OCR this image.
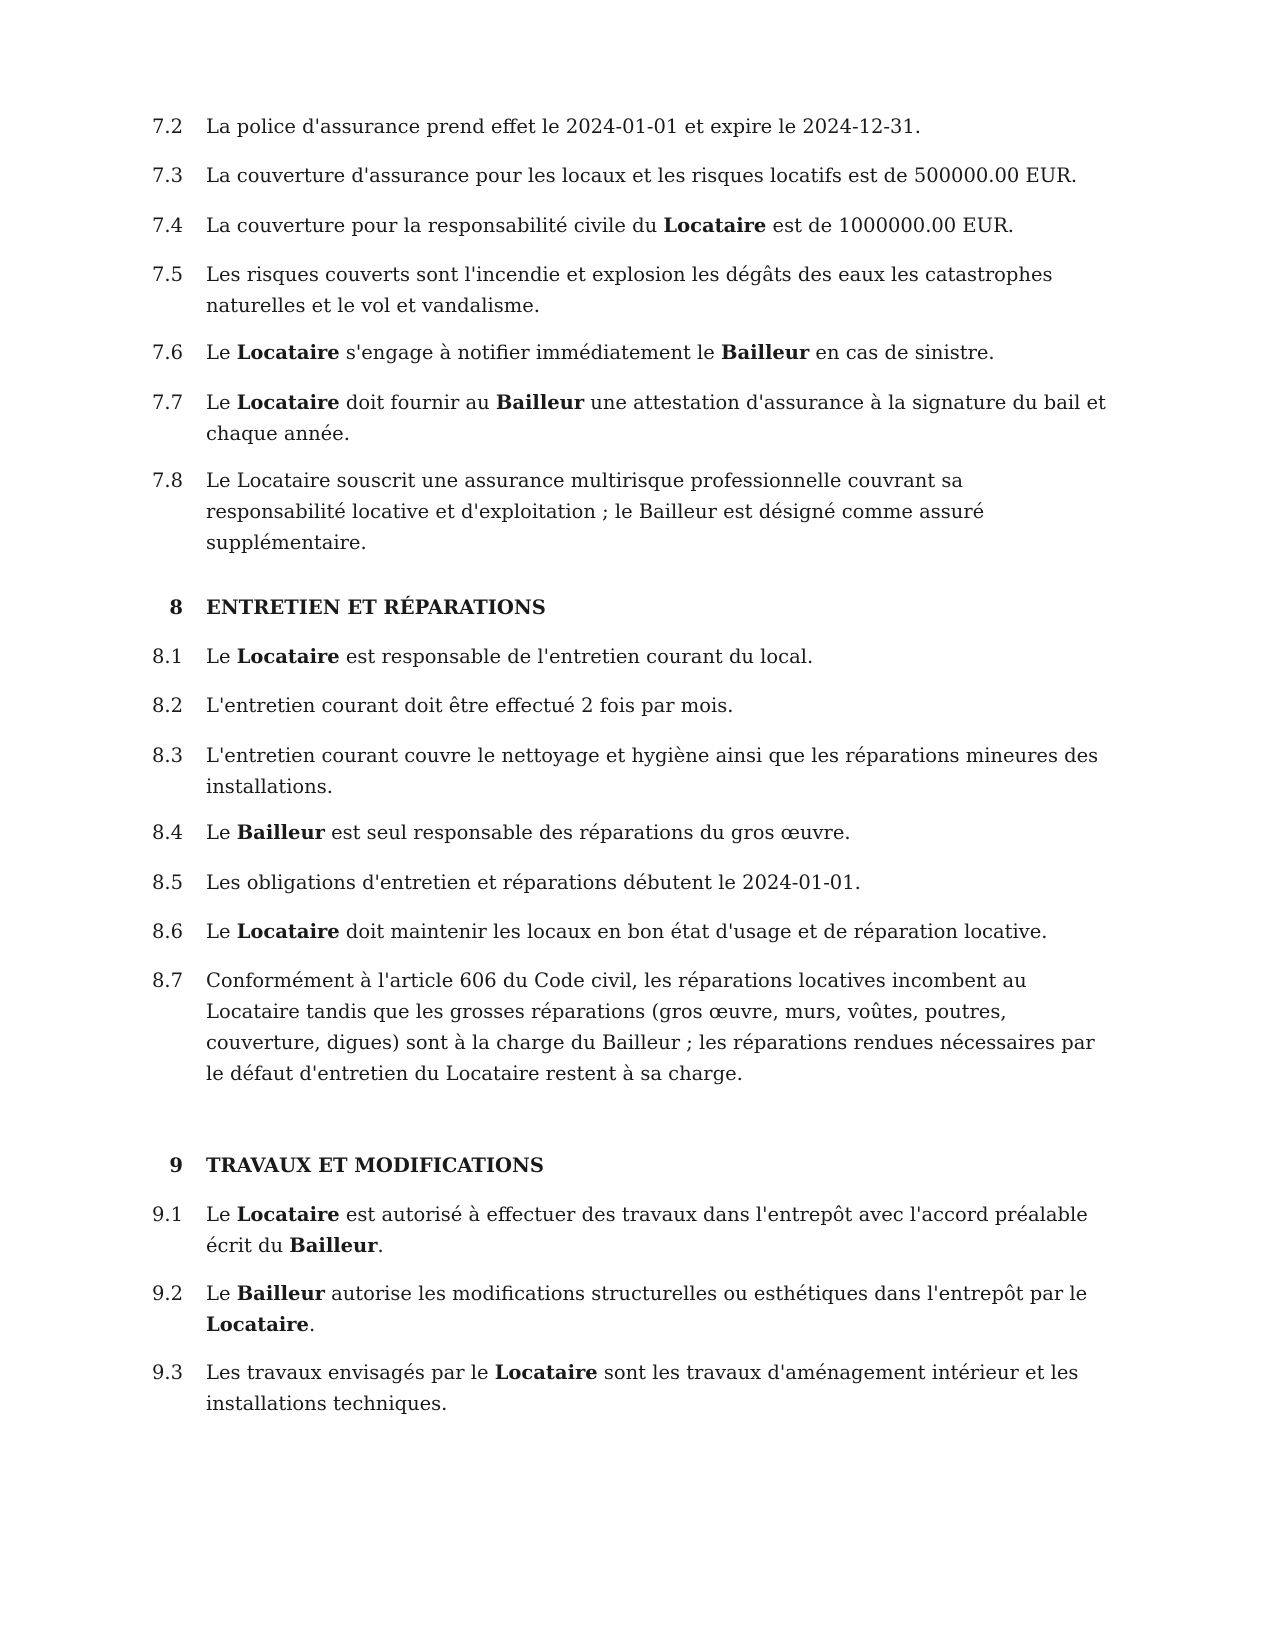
7.2	La police d'assurance prend effet le 2024-01-01 et expire le 2024-12-31.
7.3	La couverture d'assurance pour les locaux et les risques locatifs est de 500000.00 EUR.
7.4	La couverture pour la responsabilité civile du Locataire est de 1000000.00 EUR.
7.5	Les risques couverts sont l'incendie et explosion les dégâts des eaux les catastrophes naturelles et le vol et vandalisme.
7.6	Le Locataire s'engage à notifier immédiatement le Bailleur en cas de sinistre.
7.7	Le Locataire doit fournir au Bailleur une attestation d'assurance à la signature du bail et chaque année.
7.8	Le Locataire souscrit une assurance multirisque professionnelle couvrant sa responsabilité locative et d'exploitation ; le Bailleur est désigné comme assuré supplémentaire.
8 ENTRETIEN ET RÉPARATIONS
8.1	Le Locataire est responsable de l'entretien courant du local.
8.2	L'entretien courant doit être effectué 2 fois par mois.
8.3	L'entretien courant couvre le nettoyage et hygiène ainsi que les réparations mineures des installations.
8.4	Le Bailleur est seul responsable des réparations du gros œuvre.
8.5	Les obligations d'entretien et réparations débutent le 2024-01-01.
8.6	Le Locataire doit maintenir les locaux en bon état d'usage et de réparation locative.
8.7	Conformément à l'article 606 du Code civil, les réparations locatives incombent au Locataire tandis que les grosses réparations (gros œuvre, murs, voûtes, poutres, couverture, digues) sont à la charge du Bailleur ; les réparations rendues nécessaires par le défaut d'entretien du Locataire restent à sa charge.
9 TRAVAUX ET MODIFICATIONS
9.1	Le Locataire est autorisé à effectuer des travaux dans l'entrepôt avec l'accord préalable écrit du Bailleur.
9.2	Le Bailleur autorise les modifications structurelles ou esthétiques dans l'entrepôt par le Locataire.
9.3	Les travaux envisagés par le Locataire sont les travaux d'aménagement intérieur et les installations techniques.
